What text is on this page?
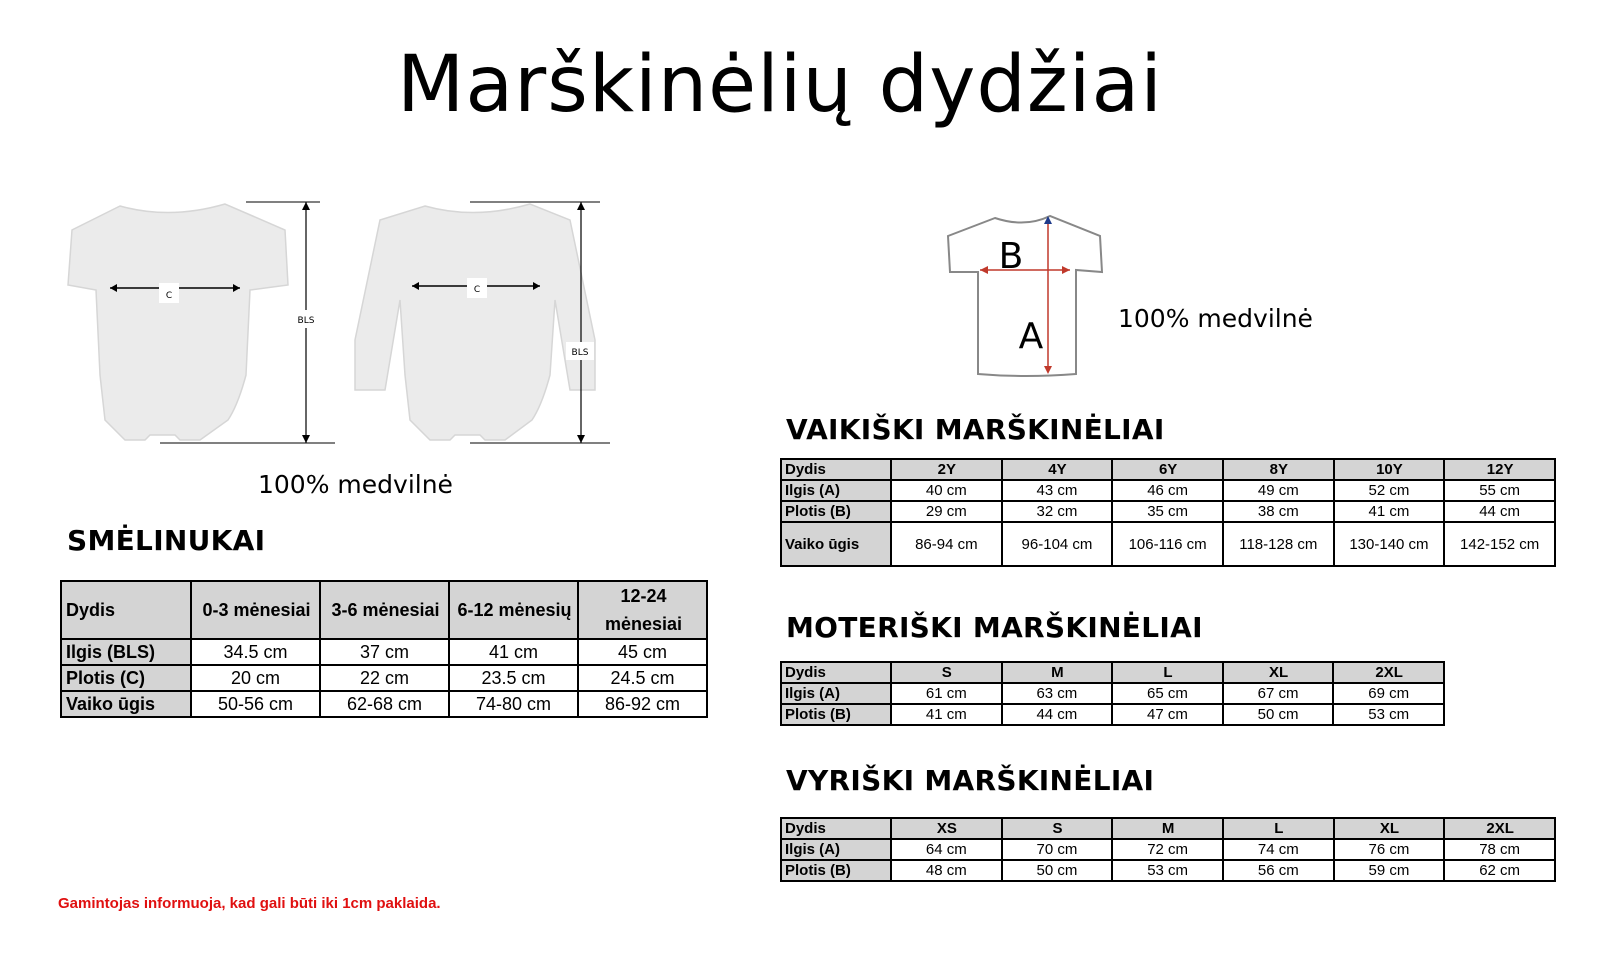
Marškinėlių dydžiai
C
BLS
C
BLS
100% medvilnė
B
A	100% medvilnė
SMĖLINUKAI
Dydis	0-3 mėnesiai	3-6 mėnesiai	6-12 mėnesių	12-24 mėnesiai
Ilgis (BLS)	34.5 cm	37 cm	41 cm	45 cm
Plotis (C)	20 cm	22 cm	23.5 cm	24.5 cm
Vaiko ūgis	50-56 cm	62-68 cm	74-80 cm	86-92 cm
VAIKIŠKI MARŠKINĖLIAI
Dydis	2Y	4Y	6Y	8Y	10Y	12Y
Ilgis (A)	40 cm	43 cm	46 cm	49 cm	52 cm	55 cm
Plotis (B)	29 cm	32 cm	35 cm	38 cm	41 cm	44 cm
Vaiko ūgis	86-94 cm	96-104 cm	106-116 cm	118-128 cm	130-140 cm	142-152 cm
MOTERIŠKI MARŠKINĖLIAI
Dydis	S	M	L	XL	2XL
Ilgis (A)	61 cm	63 cm	65 cm	67 cm	69 cm
Plotis (B)	41 cm	44 cm	47 cm	50 cm	53 cm
VYRIŠKI MARŠKINĖLIAI
Dydis	XS	S	M	L	XL	2XL
Ilgis (A)	64 cm	70 cm	72 cm	74 cm	76 cm	78 cm
Plotis (B)	48 cm	50 cm	53 cm	56 cm	59 cm	62 cm
Gamintojas informuoja, kad gali būti iki 1cm paklaida.
